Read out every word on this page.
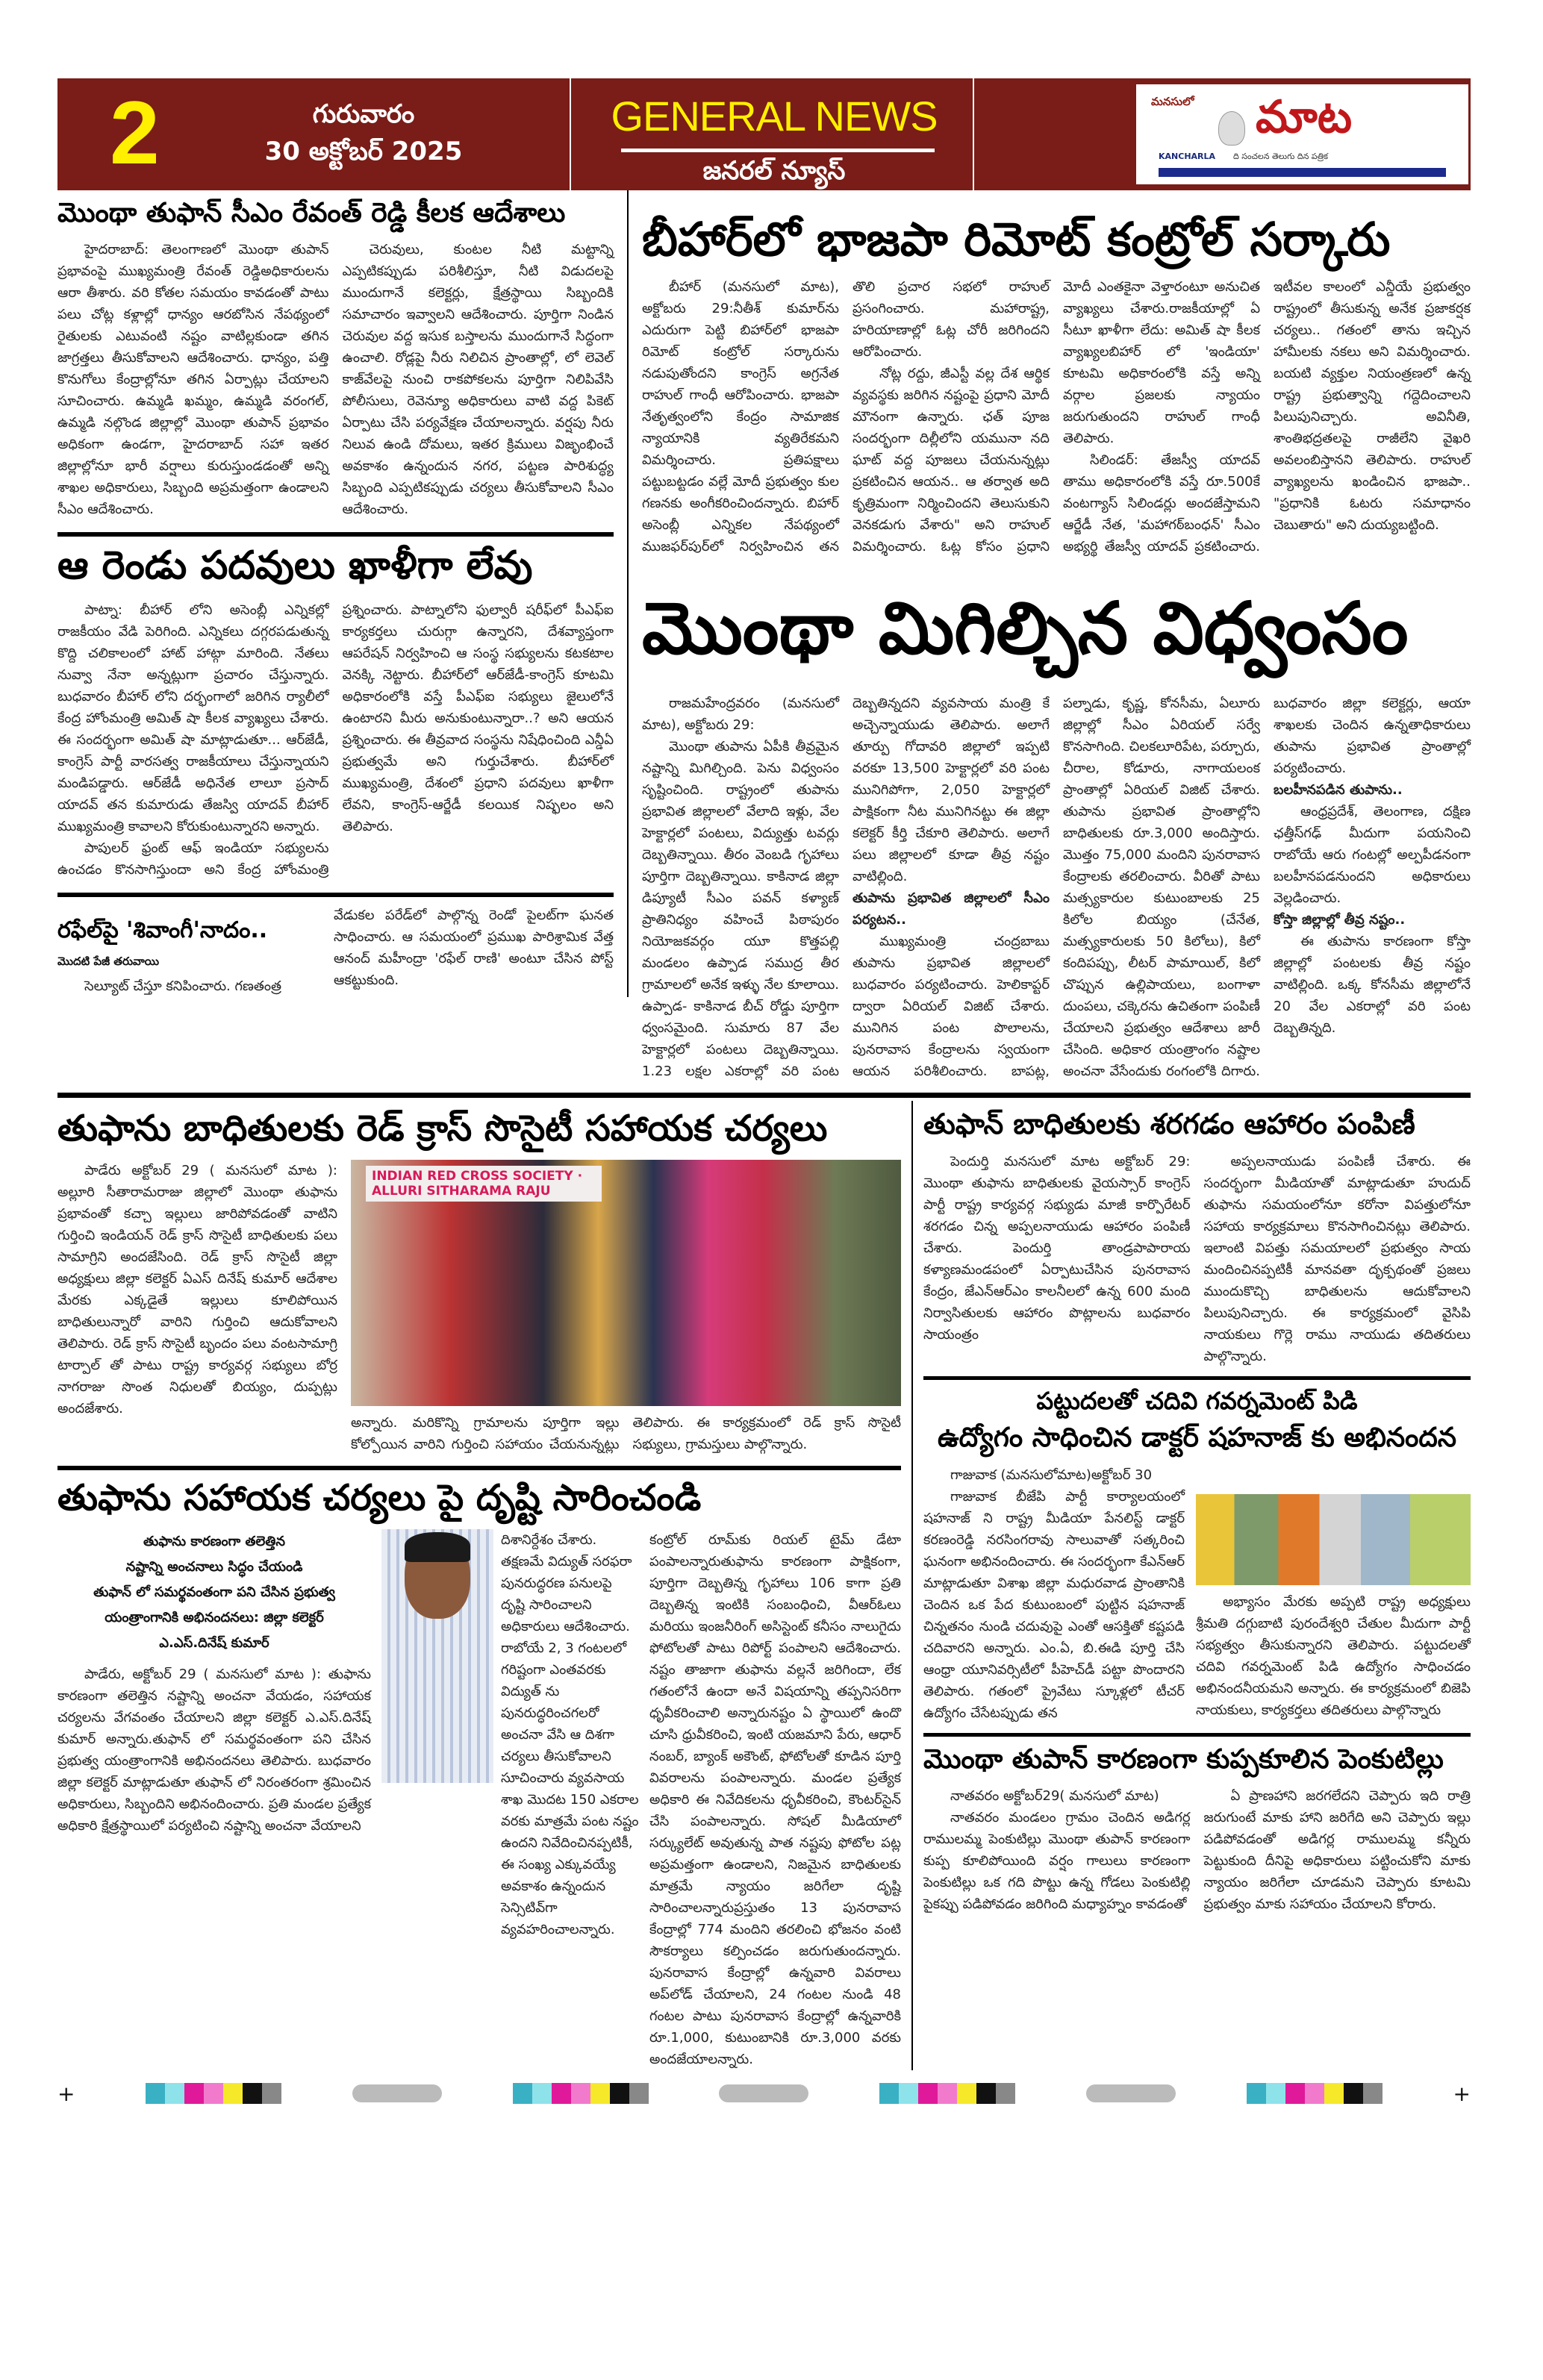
2	గురువారం
30 అక్టోబర్ 2025
GENERAL NEWS
జనరల్ న్యూస్
మనసులో మాట
KANCHARLA ది సంచలన తెలుగు దిన పత్రిక
మొంథా తుఫాన్ సీఎం రేవంత్ రెడ్డి కీలక ఆదేశాలు

హైదరాబాద్: తెలంగాణలో మొంథా తుపాన్ ప్రభావంపై ముఖ్యమంత్రి రేవంత్ రెడ్డిఅధికారులను ఆరా తీశారు. వరి కోతల సమయం కావడంతో పాటు పలు చోట్ల కళ్లాల్లో ధాన్యం ఆరబోసిన నేపథ్యంలో రైతులకు ఎటువంటి నష్టం వాటిల్లకుండా తగిన జాగ్రత్తలు తీసుకోవాలని ఆదేశించారు. ధాన్యం, పత్తి కొనుగోలు కేంద్రాల్లోనూ తగిన ఏర్పాట్లు చేయాలని సూచించారు. ఉమ్మడి ఖమ్మం, ఉమ్మడి వరంగల్, ఉమ్మడి నల్గొండ జిల్లాల్లో మొంథా తుపాన్ ప్రభావం అధికంగా ఉండగా, హైదరాబాద్ సహా ఇతర జిల్లాల్లోనూ భారీ వర్షాలు కురుస్తుండడంతో అన్ని శాఖల అధికారులు, సిబ్బంది అప్రమత్తంగా ఉండాలని సీఎం ఆదేశించారు.

చెరువులు, కుంటల నీటి మట్టాన్ని ఎప్పటికప్పుడు పరిశీలిస్తూ, నీటి విడుదలపై ముందుగానే కలెక్టర్లు, క్షేత్రస్థాయి సిబ్బందికి సమాచారం ఇవ్వాలని ఆదేశించారు. పూర్తిగా నిండిన చెరువుల వద్ద ఇసుక బస్తాలను ముందుగానే సిద్ధంగా ఉంచాలి. రోడ్లపై నీరు నిలిచిన ప్రాంతాల్లో, లో లెవెల్ కాజ్‌వేలపై నుంచి రాకపోకలను పూర్తిగా నిలిపివేసి పోలీసులు, రెవెన్యూ అధికారులు వాటి వద్ద పికెట్ ఏర్పాటు చేసి పర్యవేక్షణ చేయాలన్నారు. వర్షపు నీరు నిలువ ఉండి దోమలు, ఇతర క్రిములు విజృంభించే అవకాశం ఉన్నందున నగర, పట్టణ పారిశుద్ధ్య సిబ్బంది ఎప్పటికప్పుడు చర్యలు తీసుకోవాలని సీఎం ఆదేశించారు.

ఆ రెండు పదవులు ఖాళీగా లేవు

పాట్నా: బీహార్ లోని అసెంబ్లీ ఎన్నికల్లో రాజకీయం వేడి పెరిగింది. ఎన్నికలు దగ్గరపడుతున్న కొద్ది చలికాలంలో హాట్ హాట్గా మారింది. నేతలు నువ్వా నేనా అన్నట్లుగా ప్రచారం చేస్తున్నారు. బుధవారం బీహార్ లోని దర్భంగాలో జరిగిన ర్యాలీలో కేంద్ర హోంమంత్రి అమిత్ షా కీలక వ్యాఖ్యలు చేశారు. ఈ సందర్భంగా అమిత్ షా మాట్లాడుతూ... ఆర్‌జేడీ, కాంగ్రెస్ పార్టీ వారసత్వ రాజకీయాలు చేస్తున్నాయని మండిపడ్డారు. ఆర్‌జేడీ అధినేత లాలూ ప్రసాద్ యాదవ్ తన కుమారుడు తేజస్వి యాదవ్ బీహార్ ముఖ్యమంత్రి కావాలని కోరుకుంటున్నారని అన్నారు.

పాపులర్ ఫ్రంట్ ఆఫ్ ఇండియా సభ్యులను ఉంచడం కొనసాగిస్తుందా అని కేంద్ర హోంమంత్రి ప్రశ్నించారు. పాట్నాలోని ఫుల్వారీ షరీఫ్‌లో పీఎఫ్ఐ కార్యకర్తలు చురుగ్గా ఉన్నారని, దేశవ్యాప్తంగా ఆపరేషన్ నిర్వహించి ఆ సంస్థ సభ్యులను కటకటాల వెనక్కి నెట్టారు. బీహార్‌లో ఆర్‌జేడీ-కాంగ్రెస్ కూటమి అధికారంలోకి వస్తే పీఎఫ్ఐ సభ్యులు జైలులోనే ఉంటారని మీరు అనుకుంటున్నారా..? అని ఆయన ప్రశ్నించారు. ఈ తీవ్రవాద సంస్థను నిషేధించింది ఎన్డీఏ ప్రభుత్వమే అని గుర్తుచేశారు. బీహార్‌లో ముఖ్యమంత్రి, దేశంలో ప్రధాని పదవులు ఖాళీగా లేవని, కాంగ్రెస్-ఆర్జేడీ కలయిక నిష్ఫలం అని తెలిపారు.

రఫేల్‌పై 'శివాంగీ'నాదం..
మొదటి పేజీ తరువాయి

సెల్యూట్ చేస్తూ కనిపించారు. గణతంత్ర

వేడుకల పరేడ్‌లో పాల్గొన్న రెండో పైలట్‌గా ఘనత సాధించారు. ఆ సమయంలో ప్రముఖ పారిశ్రామిక వేత్త ఆనంద్ మహీంద్రా 'రఫేల్ రాణి' అంటూ చేసిన పోస్ట్ ఆకట్టుకుంది.

బీహార్‌లో భాజపా రిమోట్ కంట్రోల్ సర్కారు

బీహార్ (మనసులో మాట), అక్టోబరు 29:నీతీశ్ కుమార్‌ను ఎదురుగా పెట్టి బిహార్‌లో భాజపా రిమోట్ కంట్రోల్ సర్కారును నడుపుతోందని కాంగ్రెస్ అగ్రనేత రాహుల్ గాంధీ ఆరోపించారు. భాజపా నేతృత్వంలోని కేంద్రం సామాజిక న్యాయానికి వ్యతిరేకమని విమర్శించారు. ప్రతిపక్షాలు పట్టుబట్టడం వల్లే మోదీ ప్రభుత్వం కుల గణనకు అంగీకరించిందన్నారు. బిహార్ అసెంబ్లీ ఎన్నికల నేపథ్యంలో ముజఫర్‌పుర్‌లో నిర్వహించిన తన తొలి ప్రచార సభలో రాహుల్ ప్రసంగించారు. మహారాష్ట్ర, హరియాణాల్లో ఓట్ల చోరీ జరిగిందని ఆరోపించారు.

నోట్ల రద్దు, జీఎస్టీ వల్ల దేశ ఆర్థిక వ్యవస్థకు జరిగిన నష్టంపై ప్రధాని మోదీ మౌనంగా ఉన్నారు. ఛత్ పూజ సందర్భంగా దిల్లీలోని యమునా నది ఘాట్ వద్ద పూజలు చేయనున్నట్లు ప్రకటించిన ఆయన.. ఆ తర్వాత అది కృత్రిమంగా నిర్మించిందని తెలుసుకుని వెనకడుగు వేశారు" అని రాహుల్ విమర్శించారు. ఓట్ల కోసం ప్రధాని మోదీ ఎంతకైనా వెళ్తారంటూ అనుచిత వ్యాఖ్యలు చేశారు.రాజకీయాల్లో ఏ సీటూ ఖాళీగా లేదు: అమిత్ షా కీలక వ్యాఖ్యలబిహార్ లో 'ఇండియా' కూటమి అధికారంలోకి వస్తే అన్ని వర్గాల ప్రజలకు న్యాయం జరుగుతుందని రాహుల్ గాంధీ తెలిపారు.

సిలిండర్: తేజస్వీ యాదవ్ తాము అధికారంలోకి వస్తే రూ.500కే వంటగ్యాస్ సిలిండర్లు అందజేస్తామని ఆర్జేడీ నేత, 'మహాగఠ్‌బంధన్' సీఎం అభ్యర్థి తేజస్వీ యాదవ్ ప్రకటించారు. ఇటీవల కాలంలో ఎన్డీయే ప్రభుత్వం రాష్ట్రంలో తీసుకున్న అనేక ప్రజాకర్షక చర్యలు.. గతంలో తాను ఇచ్చిన హామీలకు నకలు అని విమర్శించారు. బయటి వ్యక్తుల నియంత్రణలో ఉన్న రాష్ట్ర ప్రభుత్వాన్ని గద్దెదించాలని పిలుపునిచ్చారు. అవినీతి, శాంతిభద్రతలపై రాజీలేని వైఖరి అవలంబిస్తానని తెలిపారు. రాహుల్ వ్యాఖ్యలను ఖండించిన భాజపా.. "ప్రధానికి ఓటరు సమాధానం చెబుతారు" అని దుయ్యబట్టింది.

మొంథా మిగిల్చిన విధ్వంసం

రాజమహేంద్రవరం (మనసులో మాట), అక్టోబరు 29:

మొంథా తుపాను ఏపీకి తీవ్రమైన నష్టాన్ని మిగిల్చింది. పెను విధ్వంసం సృష్టించింది. రాష్ట్రంలో తుపాను ప్రభావిత జిల్లాలలో వేలాది ఇళ్లు, వేల హెక్టార్లలో పంటలు, విద్యుత్తు టవర్లు దెబ్బతిన్నాయి. తీరం వెంబడి గృహాలు పూర్తిగా దెబ్బతిన్నాయి. కాకినాడ జిల్లా డిప్యూటీ సీఎం పవన్ కళ్యాణ్ ప్రాతినిధ్యం వహించే పిఠాపురం నియోజకవర్గం యూ కొత్తపల్లి మండలం ఉప్పాడ సముద్ర తీర గ్రామాలలో అనేక ఇళ్ళు నేల కూలాయి. ఉప్పాడ- కాకినాడ బీచ్ రోడ్డు పూర్తిగా ధ్వంసమైంది. సుమారు 87 వేల హెక్టార్లలో పంటలు దెబ్బతిన్నాయి. 1.23 లక్షల ఎకరాల్లో వరి పంట దెబ్బతిన్నదని వ్యవసాయ మంత్రి కే అచ్చెన్నాయుడు తెలిపారు. అలాగే తూర్పు గోదావరి జిల్లాలో ఇప్పటి వరకూ 13,500 హెక్టార్లలో వరి పంట మునిగిపోగా, 2,050 హెక్టార్లలో పాక్షికంగా నీట మునిగినట్టు ఈ జిల్లా కలెక్టర్ కీర్తి చేకూరి తెలిపారు. అలాగే పలు జిల్లాలలో కూడా తీవ్ర నష్టం వాటిల్లింది.

తుపాను ప్రభావిత జిల్లాలలో సీఎం పర్యటన..

ముఖ్యమంత్రి చంద్రబాబు తుపాను ప్రభావిత జిల్లాలలో బుధవారం పర్యటించారు. హెలికాప్టర్ ద్వారా ఏరియల్ విజిట్ చేశారు. మునిగిన పంట పొలాలను, పునరావాస కేంద్రాలను స్వయంగా ఆయన పరిశీలించారు. బాపట్ల, పల్నాడు, కృష్ణ, కోనసీమ, ఏలూరు జిల్లాల్లో సీఎం ఏరియల్ సర్వే కొనసాగింది. చిలకలూరిపేట, పర్చూరు, చీరాల, కోడూరు, నాగాయలంక ప్రాంతాల్లో ఏరియల్ విజిట్ చేశారు. తుపాను ప్రభావిత ప్రాంతాల్లోని బాధితులకు రూ.3,000 అందిస్తారు. మొత్తం 75,000 మందిని పునరావాస కేంద్రాలకు తరలించారు. వీరితో పాటు మత్స్యకారుల కుటుంబాలకు 25 కిలోల బియ్యం (చేనేత, మత్స్యకారులకు 50 కిలోలు), కిలో కందిపప్పు, లీటర్ పామాయిల్, కిలో చొప్పున ఉల్లిపాయలు, బంగాళా దుంపలు, చక్కెరను ఉచితంగా పంపిణీ చేయాలని ప్రభుత్వం ఆదేశాలు జారీ చేసింది. అధికార యంత్రాంగం నష్టాల అంచనా వేసేందుకు రంగంలోకి దిగారు. బుధవారం జిల్లా కలెక్టర్లు, ఆయా శాఖలకు చెందిన ఉన్నతాధికారులు తుపాను ప్రభావిత ప్రాంతాల్లో పర్యటించారు.

బలహీనపడిన తుపాను..

ఆంధ్రప్రదేశ్, తెలంగాణ, దక్షిణ ఛత్తీస్‌గఢ్ మీదుగా పయనించి రాబోయే ఆరు గంటల్లో అల్పపీడనంగా బలహీనపడనుందని అధికారులు వెల్లడించారు.

కోస్తా జిల్లాల్లో తీవ్ర నష్టం..

ఈ తుపాను కారణంగా కోస్తా జిల్లాల్లో పంటలకు తీవ్ర నష్టం వాటిల్లింది. ఒక్క కోనసీమ జిల్లాలోనే 20 వేల ఎకరాల్లో వరి పంట దెబ్బతిన్నది.

తుఫాను బాధితులకు రెడ్ క్రాస్ సొసైటీ సహాయక చర్యలు

పాడేరు అక్టోబర్ 29 ( మనసులో మాట ): అల్లూరి సీతారామరాజు జిల్లాలో మొంథా తుఫాను ప్రభావంతో కచ్చా ఇల్లులు జారిపోవడంతో వాటిని గుర్తించి ఇండియన్ రెడ్ క్రాస్ సొసైటీ బాధితులకు పలు సామాగ్రిని అందజేసింది. రెడ్ క్రాస్ సొసైటీ జిల్లా అధ్యక్షులు జిల్లా కలెక్టర్ ఏఎస్ దినేష్ కుమార్ ఆదేశాల మేరకు ఎక్కడైతే ఇల్లులు కూలిపోయిన బాధితులున్నారో వారిని గుర్తించి ఆదుకోవాలని తెలిపారు. రెడ్ క్రాస్ సొసైటీ బృందం పలు వంటసామాగ్రి టార్పాల్ తో పాటు రాష్ట్ర కార్యవర్గ సభ్యులు బోర్ర నాగరాజు సొంత నిధులతో బియ్యం, దుప్పట్లు అందజేశారు.

INDIAN RED CROSS SOCIETY · ALLURI SITHARAMA RAJU

అన్నారు. మరికొన్ని గ్రామాలను పూర్తిగా ఇల్లు కోల్పోయిన వారిని గుర్తించి సహాయం చేయనున్నట్లు తెలిపారు. ఈ కార్యక్రమంలో రెడ్ క్రాస్ సొసైటీ సభ్యులు, గ్రామస్తులు పాల్గొన్నారు.

తుఫాను సహాయక చర్యలు పై దృష్టి సారించండి
తుఫాను కారణంగా తలెత్తిన
నష్టాన్ని అంచనాలు సిద్ధం చేయండి
తుఫాన్ లో సమర్థవంతంగా పని చేసిన ప్రభుత్వ
యంత్రాంగానికి అభినందనలు: జిల్లా కలెక్టర్
ఎ.ఎస్.దినేష్ కుమార్

పాడేరు, అక్టోబర్ 29 ( మనసులో మాట ): తుఫాను కారణంగా తలెత్తిన నష్టాన్ని అంచనా వేయడం, సహాయక చర్యలను వేగవంతం చేయాలని జిల్లా కలెక్టర్ ఎ.ఎస్.దినేష్ కుమార్ అన్నారు.తుఫాన్ లో సమర్థవంతంగా పని చేసిన ప్రభుత్వ యంత్రాంగానికి అభినందనలు తెలిపారు. బుధవారం జిల్లా కలెక్టర్ మాట్లాడుతూ తుఫాన్ లో నిరంతరంగా శ్రమించిన అధికారులు, సిబ్బందిని అభినందించారు. ప్రతి మండల ప్రత్యేక అధికారి క్షేత్రస్థాయిలో పర్యటించి నష్టాన్ని అంచనా వేయాలని

దిశానిర్దేశం చేశారు. తక్షణమే విద్యుత్ సరఫరా పునరుద్ధరణ పనులపై దృష్టి సారించాలని అధికారులు ఆదేశించారు. రాబోయే 2, 3 గంటలలో గరిష్టంగా ఎంతవరకు విద్యుత్ ను పునరుద్ధరించగలరో అంచనా వేసి ఆ దిశగా చర్యలు తీసుకోవాలని సూచించారు వ్యవసాయ శాఖ మొదట 150 ఎకరాల వరకు మాత్రమే పంట నష్టం ఉందని నివేదించినప్పటికీ, ఈ సంఖ్య ఎక్కువయ్యే అవకాశం ఉన్నందున సెన్సిటివ్‌గా వ్యవహరించాలన్నారు.

కంట్రోల్ రూమ్‌కు రియల్ టైమ్ డేటా పంపాలన్నారుతుఫాను కారణంగా పాక్షికంగా, పూర్తిగా దెబ్బతిన్న గృహాలు 106 కాగా ప్రతి దెబ్బతిన్న ఇంటికి సంబంధించి, వీఆర్ఓలు మరియు ఇంజనీరింగ్ అసిస్టెంట్ కనీసం నాలుగైదు ఫోటోలతో పాటు రిపోర్ట్ పంపాలని ఆదేశించారు. నష్టం తాజాగా తుఫాను వల్లనే జరిగిందా, లేక గతంలోనే ఉందా అనే విషయాన్ని తప్పనిసరిగా ధృవీకరించాలి అన్నారునష్టం ఏ స్థాయిలో ఉందొ చూసి ధ్రువీకరించి, ఇంటి యజమాని పేరు, ఆధార్ నంబర్, బ్యాంక్ అకౌంట్, ఫోటోలతో కూడిన పూర్తి వివరాలను పంపాలన్నారు. మండల ప్రత్యేక అధికారి ఈ నివేదికలను ధృవీకరించి, కౌంటర్‌సైన్ చేసి పంపాలన్నారు. సోషల్ మీడియాలో సర్క్యులేట్ అవుతున్న పాత నష్టపు ఫోటోల పట్ల అప్రమత్తంగా ఉండాలని, నిజమైన బాధితులకు మాత్రమే న్యాయం జరిగేలా దృష్టి సారించాలన్నారుప్రస్తుతం 13 పునరావాస కేంద్రాల్లో 774 మందిని తరలించి భోజనం వంటి సౌకర్యాలు కల్పించడం జరుగుతుందన్నారు. పునరావాస కేంద్రాల్లో ఉన్నవారి వివరాలు అప్‌లోడ్ చేయాలని, 24 గంటల నుండి 48 గంటల పాటు పునరావాస కేంద్రాల్లో ఉన్నవారికి రూ.1,000, కుటుంబానికి రూ.3,000 వరకు అందజేయాలన్నారు.

తుఫాన్ బాధితులకు శరగడం ఆహారం పంపిణీ

పెందుర్తి మనసులో మాట అక్టోబర్ 29: మొంథా తుఫాను బాధితులకు వైయస్సార్ కాంగ్రెస్ పార్టీ రాష్ట్ర కార్యవర్గ సభ్యుడు మాజీ కార్పొరేటర్ శరగడం చిన్న అప్పలనాయుడు ఆహారం పంపిణీ చేశారు. పెందుర్తి తాండ్రపాపారాయ కళ్యాణమండపంలో ఏర్పాటుచేసిన పునరావాస కేంద్రం, జేఎన్‌ఆర్‌ఎం కాలనీలలో ఉన్న 600 మంది నిర్వాసితులకు ఆహారం పొట్లాలను బుధవారం సాయంత్రం

అప్పలనాయుడు పంపిణీ చేశారు. ఈ సందర్భంగా మీడియాతో మాట్లాడుతూ హుదుద్ తుఫాను సమయంలోనూ కరోనా విపత్తులోనూ సహాయ కార్యక్రమాలు కొనసాగించినట్లు తెలిపారు. ఇలాంటి విపత్తు సమయాలలో ప్రభుత్వం సాయ మందించినప్పటికీ మానవతా దృక్పథంతో ప్రజలు ముందుకొచ్చి బాధితులను ఆదుకోవాలని పిలుపునిచ్చారు. ఈ కార్యక్రమంలో వైసిపి నాయకులు గొర్లె రాము నాయుడు తదితరులు పాల్గొన్నారు.

పట్టుదలతో చదివి గవర్నమెంట్ పిడి
ఉద్యోగం సాధించిన డాక్టర్ షహనాజ్ కు అభినందన

గాజువాక (మనసులోమాట)అక్టోబర్ 30

గాజువాక బీజేపి పార్టీ కార్యాలయంలో షహనాజ్ ని రాష్ట్ర మీడియా పేనలిస్ట్ డాక్టర్ కరణంరెడ్డి నరసింగరావు సాలువాతో సత్కరించి ఘనంగా అభినందించారు. ఈ సందర్భంగా కేఎన్ఆర్ మాట్లాడుతూ విశాఖ జిల్లా మధురవాడ ప్రాంతానికి చెందిన ఒక పేద కుటుంబంలో పుట్టిన షహనాజ్ చిన్నతనం నుండి చదువుపై ఎంతో ఆసక్తితో కష్టపడి చదివారని అన్నారు. ఎం.ఏ, బి.ఈడి పూర్తి చేసి ఆంధ్రా యూనివర్సిటీలో పీహెచ్‌డీ పట్టా పొందారని తెలిపారు. గతంలో ప్రైవేటు స్కూళ్లలో టీచర్ ఉద్యోగం చేసేటప్పుడు తన

అభ్యాసం మేరకు అప్పటి రాష్ట్ర అధ్యక్షులు శ్రీమతి దగ్గుబాటి పురందేశ్వరి చేతుల మీదుగా పార్టీ సభ్యత్వం తీసుకున్నారని తెలిపారు. పట్టుదలతో చదివి గవర్నమెంట్ పిడి ఉద్యోగం సాధించడం అభినందనీయమని అన్నారు. ఈ కార్యక్రమంలో బిజెపి నాయకులు, కార్యకర్తలు తదితరులు పాల్గొన్నారు

మొంథా తుపాన్ కారణంగా కుప్పకూలిన పెంకుటిల్లు

నాతవరం అక్టోబర్29( మనసులో మాట)

నాతవరం మండలం గ్రామం చెందిన అడిగర్ల రాములమ్మ పెంకుటిల్లు మొంథా తుపాన్ కారణంగా కుప్ప కూలిపోయింది వర్షం గాలులు కారణంగా పెంకుటిల్లు ఒక గది పొట్టు ఉన్న గోడలు పెంకుటిల్లి పైకప్పు పడిపోవడం జరిగింది మధ్యాహ్నం కావడంతో

ఏ ప్రాణహాని జరగలేదని చెప్పారు ఇది రాత్రి జరుగుంటే మాకు హాని జరిగేది అని చెప్పారు ఇల్లు పడిపోవడంతో అడిగర్ల రాములమ్మ కన్నీరు పెట్టుకుంది దీనిపై అధికారులు పట్టించుకోని మాకు న్యాయం జరిగేలా చూడమని చెప్పారు కూటమి ప్రభుత్వం మాకు సహాయం చేయాలని కోరారు.

+	+
